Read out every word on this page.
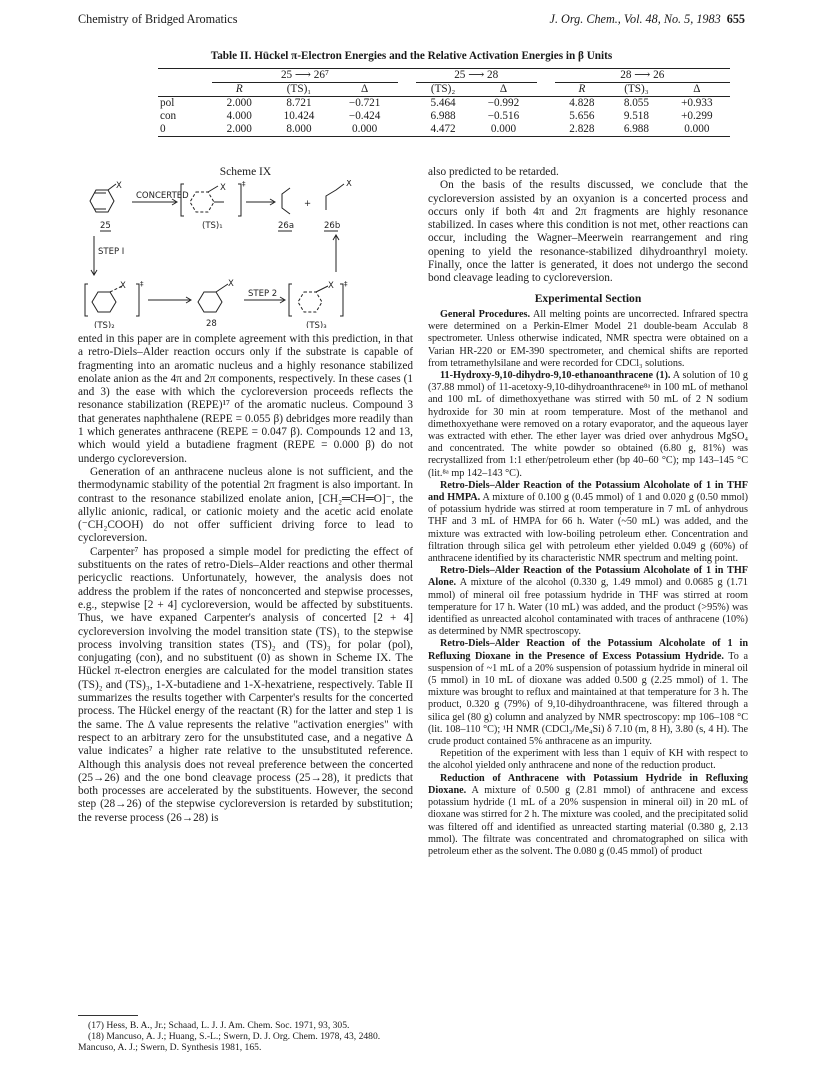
Chemistry of Bridged Aromatics	J. Org. Chem., Vol. 48, No. 5, 1983 655
Table II. Hückel π-Electron Energies and the Relative Activation Energies in β Units
	25 ⟶ 26⁷				25 ⟶ 28			28 ⟶ 26		
	R	(TS)₁	Δ		(TS)₂	Δ		R	(TS)₃	Δ
pol	2.000	8.721	−0.721		5.464	−0.992		4.828	8.055	+0.933
con	4.000	10.424	−0.424		6.988	−0.516		5.656	9.518	+0.299
0	2.000	8.000	0.000		4.472	0.000		2.828	6.988	0.000
Scheme IX
X
CONCERTED
X ‡
+
X
25	(TS)₁	26a	26b
STEP I
X ‡	X
STEP 2
X ‡
(TS)₂	28	(TS)₃

ented in this paper are in complete agreement with this prediction, in that a retro-Diels–Alder reaction occurs only if the substrate is capable of fragmenting into an aromatic nucleus and a highly resonance stabilized enolate anion as the 4π and 2π components, respectively. In these cases (1 and 3) the ease with which the cycloreversion proceeds reflects the resonance stabilization (REPE)¹⁷ of the aromatic nucleus. Compound 3 that generates naphthalene (REPE = 0.055 β) debridges more readily than 1 which generates anthracene (REPE = 0.047 β). Compounds 12 and 13, which would yield a butadiene fragment (REPE = 0.000 β) do not undergo cycloreversion.

Generation of an anthracene nucleus alone is not sufficient, and the thermodynamic stability of the potential 2π fragment is also important. In contrast to the resonance stabilized enolate anion, [CH₂═CH═O]⁻, the allylic anionic, radical, or cationic moiety and the acetic acid enolate (⁻CH₂COOH) do not offer sufficient driving force to lead to cycloreversion.

Carpenter⁷ has proposed a simple model for predicting the effect of substituents on the rates of retro-Diels–Alder reactions and other thermal pericyclic reactions. Unfortunately, however, the analysis does not address the problem if the rates of nonconcerted and stepwise processes, e.g., stepwise [2 + 4] cycloreversion, would be affected by substituents. Thus, we have expaned Carpenter's analysis of concerted [2 + 4] cycloreversion involving the model transition state (TS)₁ to the stepwise process involving transition states (TS)₂ and (TS)₃ for polar (pol), conjugating (con), and no substituent (0) as shown in Scheme IX. The Hückel π-electron energies are calculated for the model transition states (TS)₂ and (TS)₃, 1-X-butadiene and 1-X-hexatriene, respectively. Table II summarizes the results together with Carpenter's results for the concerted process. The Hückel energy of the reactant (R) for the latter and step 1 is the same. The Δ value represents the relative "activation energies" with respect to an arbitrary zero for the unsubstituted case, and a negative Δ value indicates⁷ a higher rate relative to the unsubstituted reference. Although this analysis does not reveal preference between the concerted (25→26) and the one bond cleavage process (25→28), it predicts that both processes are accelerated by the substituents. However, the second step (28→26) of the stepwise cycloreversion is retarded by substitution; the reverse process (26→28) is

(17) Hess, B. A., Jr.; Schaad, L. J. J. Am. Chem. Soc. 1971, 93, 305.
(18) Mancuso, A. J.; Huang, S.-L.; Swern, D. J. Org. Chem. 1978, 43, 2480. Mancuso, A. J.; Swern, D. Synthesis 1981, 165.

also predicted to be retarded.

On the basis of the results discussed, we conclude that the cycloreversion assisted by an oxyanion is a concerted process and occurs only if both 4π and 2π fragments are highly resonance stabilized. In cases where this condition is not met, other reactions can occur, including the Wagner–Meerwein rearrangement and ring opening to yield the resonance-stabilized dihydroanthryl moiety. Finally, once the latter is generated, it does not undergo the second bond cleavage leading to cycloreversion.

Experimental Section

General Procedures. All melting points are uncorrected. Infrared spectra were determined on a Perkin-Elmer Model 21 double-beam Acculab 8 spectrometer. Unless otherwise indicated, NMR spectra were obtained on a Varian HR-220 or EM-390 spectrometer, and chemical shifts are reported from tetramethylsilane and were recorded for CDCl₃ solutions.

11-Hydroxy-9,10-dihydro-9,10-ethanoanthracene (1). A solution of 10 g (37.88 mmol) of 11-acetoxy-9,10-dihydroanthracene⁸ᵃ in 100 mL of methanol and 100 mL of dimethoxyethane was stirred with 50 mL of 2 N sodium hydroxide for 30 min at room temperature. Most of the methanol and dimethoxyethane were removed on a rotary evaporator, and the aqueous layer was extracted with ether. The ether layer was dried over anhydrous MgSO₄ and concentrated. The white powder so obtained (6.80 g, 81%) was recrystallized from 1:1 ether/petroleum ether (bp 40–60 °C); mp 143–145 °C (lit.⁸ᵃ mp 142–143 °C).

Retro-Diels–Alder Reaction of the Potassium Alcoholate of 1 in THF and HMPA. A mixture of 0.100 g (0.45 mmol) of 1 and 0.020 g (0.50 mmol) of potassium hydride was stirred at room temperature in 7 mL of anhydrous THF and 3 mL of HMPA for 66 h. Water (~50 mL) was added, and the mixture was extracted with low-boiling petroleum ether. Concentration and filtration through silica gel with petroleum ether yielded 0.049 g (60%) of anthracene identified by its characteristic NMR spectrum and melting point.

Retro-Diels–Alder Reaction of the Potassium Alcoholate of 1 in THF Alone. A mixture of the alcohol (0.330 g, 1.49 mmol) and 0.0685 g (1.71 mmol) of mineral oil free potassium hydride in THF was stirred at room temperature for 17 h. Water (10 mL) was added, and the product (>95%) was identified as unreacted alcohol contaminated with traces of anthracene (10%) as determined by NMR spectroscopy.

Retro-Diels–Alder Reaction of the Potassium Alcoholate of 1 in Refluxing Dioxane in the Presence of Excess Potassium Hydride. To a suspension of ~1 mL of a 20% suspension of potassium hydride in mineral oil (5 mmol) in 10 mL of dioxane was added 0.500 g (2.25 mmol) of 1. The mixture was brought to reflux and maintained at that temperature for 3 h. The product, 0.320 g (79%) of 9,10-dihydroanthracene, was filtered through a silica gel (80 g) column and analyzed by NMR spectroscopy: mp 106–108 °C (lit. 108–110 °C); ¹H NMR (CDCl₃/Me₄Si) δ 7.10 (m, 8 H), 3.80 (s, 4 H). The crude product contained 5% anthracene as an impurity.

Repetition of the experiment with less than 1 equiv of KH with respect to the alcohol yielded only anthracene and none of the reduction product.

Reduction of Anthracene with Potassium Hydride in Refluxing Dioxane. A mixture of 0.500 g (2.81 mmol) of anthracene and excess potassium hydride (1 mL of a 20% suspension in mineral oil) in 20 mL of dioxane was stirred for 2 h. The mixture was cooled, and the precipitated solid was filtered off and identified as unreacted starting material (0.380 g, 2.13 mmol). The filtrate was concentrated and chromatographed on silica with petroleum ether as the solvent. The 0.080 g (0.45 mmol) of product
